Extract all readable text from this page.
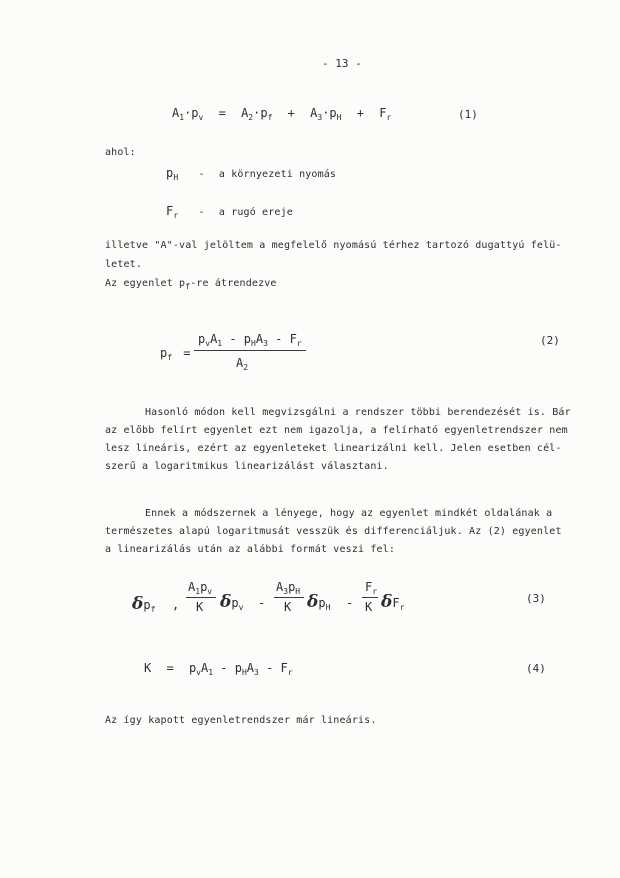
- 13 -
$A_1\cdot p_v = A_2\cdot p_f + A_3\cdot p_H + F_r$	(1)
ahol:
$p_H$ - a környezeti nyomás
$F_r$ - a rugó ereje
illetve "A"-val jelöltem a megfelelő nyomású térhez tartozó dugattyú felü-
letet.
Az egyenlet $p_f-re$ átrendezve
$p_f$ =
$p_vA_1 - p_HA_3 - F_r$
$A_2$
(2)
Hasonló módon kell megvizsgálni a rendszer többi berendezését is. Bár
az előbb felírt egyenlet ezt nem igazolja, a felírható egyenletrendszer nem
lesz lineáris, ezért az egyenleteket linearizálni kell. Jelen esetben cél-
szerű a logaritmikus linearizálást választani.
Ennek a módszernek a lényege, hogy az egyenlet mindkét oldalának a
természetes alapú logaritmusát vesszük és differenciáljuk. Az (2) egyenlet
a linearizálás után az alábbi formát veszi fel:
$\delta p_f$ ,
$A_1p_v$
K $\delta p_v$ -
$A_3p_H$
K $\delta p_H$ -
$F_r$
K $\delta F_r$
(3)
$K = p_vA_1 - p_HA_3 - F_r$	(4)
Az így kapott egyenletrendszer már lineáris.
